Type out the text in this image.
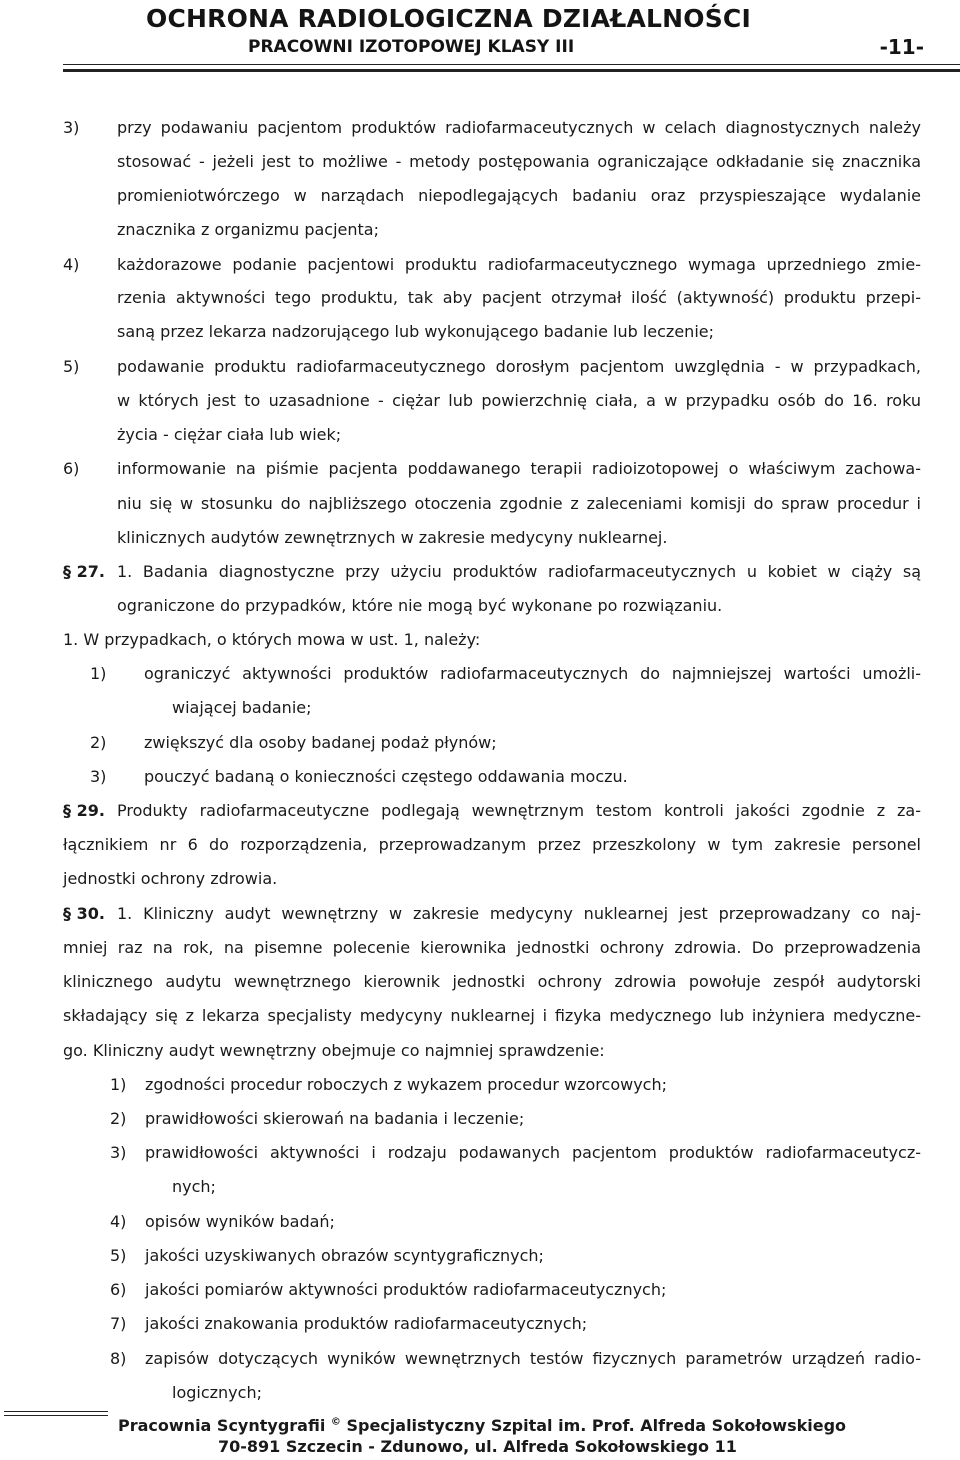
OCHRONA RADIOLOGICZNA DZIAŁALNOŚCI
PRACOWNI IZOTOPOWEJ KLASY III	-11-
3) przy podawaniu pacjentom produktów radiofarmaceutycznych w celach diagnostycznych należy
stosować - jeżeli jest to możliwe - metody postępowania ograniczające odkładanie się znacznika
promieniotwórczego w narządach niepodlegających badaniu oraz przyspieszające wydalanie
znacznika z organizmu pacjenta;
4) każdorazowe podanie pacjentowi produktu radiofarmaceutycznego wymaga uprzedniego zmie-
rzenia aktywności tego produktu, tak aby pacjent otrzymał ilość (aktywność) produktu przepi-
saną przez lekarza nadzorującego lub wykonującego badanie lub leczenie;
5) podawanie produktu radiofarmaceutycznego dorosłym pacjentom uwzględnia - w przypadkach,
w których jest to uzasadnione - ciężar lub powierzchnię ciała, a w przypadku osób do 16. roku
życia - ciężar ciała lub wiek;
6) informowanie na piśmie pacjenta poddawanego terapii radioizotopowej o właściwym zachowa-
niu się w stosunku do najbliższego otoczenia zgodnie z zaleceniami komisji do spraw procedur i
klinicznych audytów zewnętrznych w zakresie medycyny nuklearnej.
§ 27. 1. Badania diagnostyczne przy użyciu produktów radiofarmaceutycznych u kobiet w ciąży są
ograniczone do przypadków, które nie mogą być wykonane po rozwiązaniu.
1. W przypadkach, o których mowa w ust. 1, należy:
1) ograniczyć aktywności produktów radiofarmaceutycznych do najmniejszej wartości umożli-
wiającej badanie;
2) zwiększyć dla osoby badanej podaż płynów;
3) pouczyć badaną o konieczności częstego oddawania moczu.
§ 29. Produkty radiofarmaceutyczne podlegają wewnętrznym testom kontroli jakości zgodnie z za-
łącznikiem nr 6 do rozporządzenia, przeprowadzanym przez przeszkolony w tym zakresie personel
jednostki ochrony zdrowia.
§ 30. 1. Kliniczny audyt wewnętrzny w zakresie medycyny nuklearnej jest przeprowadzany co naj-
mniej raz na rok, na pisemne polecenie kierownika jednostki ochrony zdrowia. Do przeprowadzenia
klinicznego audytu wewnętrznego kierownik jednostki ochrony zdrowia powołuje zespół audytorski
składający się z lekarza specjalisty medycyny nuklearnej i fizyka medycznego lub inżyniera medyczne-
go. Kliniczny audyt wewnętrzny obejmuje co najmniej sprawdzenie:
1) zgodności procedur roboczych z wykazem procedur wzorcowych;
2) prawidłowości skierowań na badania i leczenie;
3) prawidłowości aktywności i rodzaju podawanych pacjentom produktów radiofarmaceutycz-
nych;
4) opisów wyników badań;
5) jakości uzyskiwanych obrazów scyntygraficznych;
6) jakości pomiarów aktywności produktów radiofarmaceutycznych;
7) jakości znakowania produktów radiofarmaceutycznych;
8) zapisów dotyczących wyników wewnętrznych testów fizycznych parametrów urządzeń radio-
logicznych;
Pracownia Scyntygrafii © Specjalistyczny Szpital im. Prof. Alfreda Sokołowskiego
70-891 Szczecin - Zdunowo, ul. Alfreda Sokołowskiego 11
